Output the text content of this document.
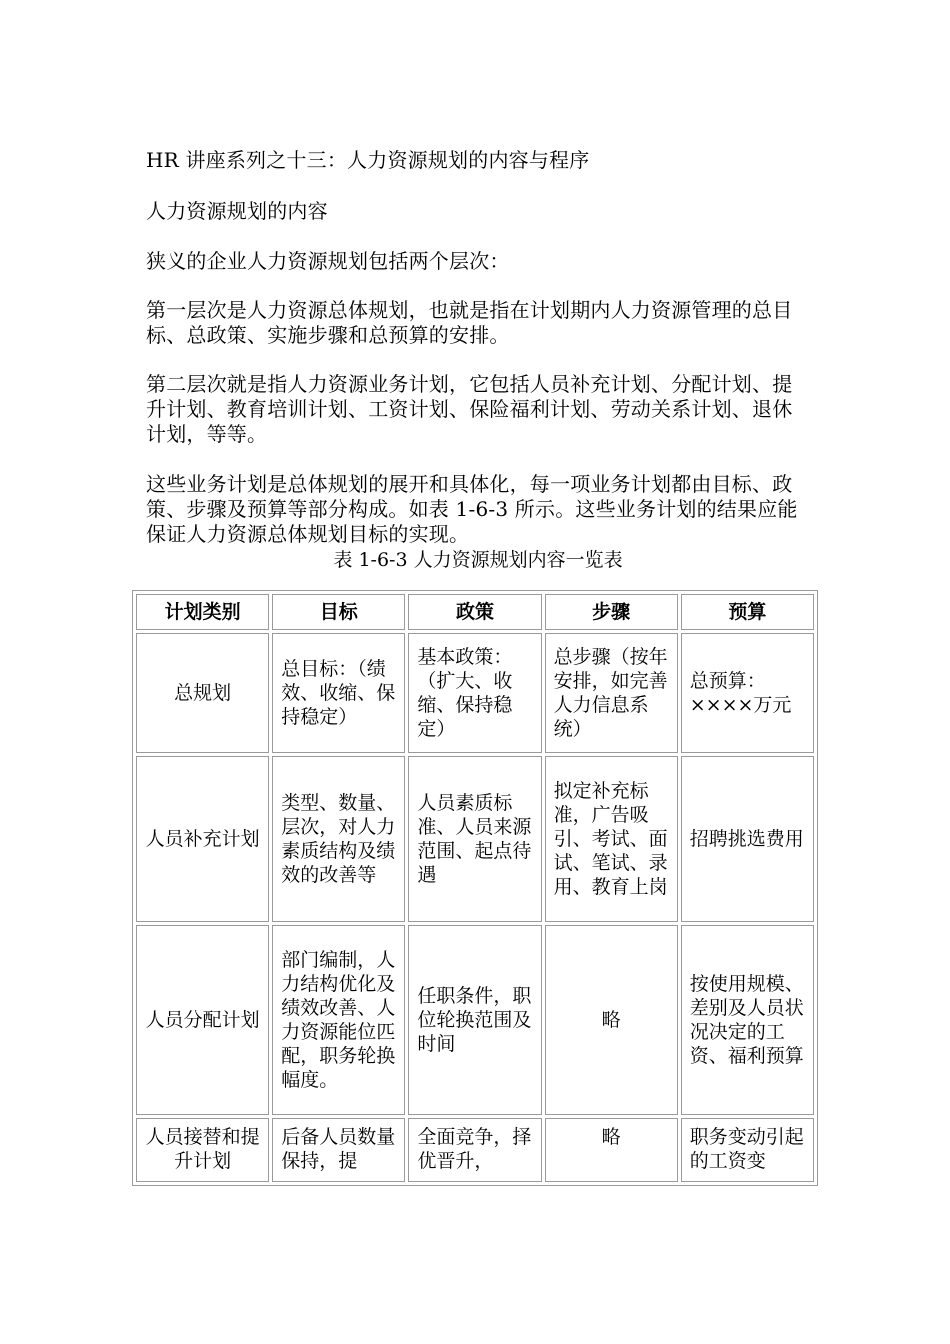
HR 讲座系列之十三：人力资源规划的内容与程序

人力资源规划的内容

狭义的企业人力资源规划包括两个层次：

第一层次是人力资源总体规划，也就是指在计划期内人力资源管理的总目标、总政策、实施步骤和总预算的安排。

第二层次就是指人力资源业务计划，它包括人员补充计划、分配计划、提升计划、教育培训计划、工资计划、保险福利计划、劳动关系计划、退休计划，等等。

这些业务计划是总体规划的展开和具体化，每一项业务计划都由目标、政策、步骤及预算等部分构成。如表 1-6-3 所示。这些业务计划的结果应能保证人力资源总体规划目标的实现。

表 1-6-3 人力资源规划内容一览表

计划类别	目标	政策	步骤	预算
总规划	总目标：（绩效、收缩、保持稳定）	基本政策：（扩大、收缩、保持稳定）	总步骤（按年安排，如完善人力信息系统）	总预算：××××万元
人员补充计划	类型、数量、层次，对人力素质结构及绩效的改善等	人员素质标准、人员来源范围、起点待遇	拟定补充标准，广告吸引、考试、面试、笔试、录用、教育上岗	招聘挑选费用
人员分配计划	部门编制，人力结构优化及绩效改善、人力资源能位匹配，职务轮换幅度。	任职条件，职位轮换范围及时间	略	按使用规模、差别及人员状况决定的工资、福利预算
人员接替和提升计划	后备人员数量保持，提	全面竞争，择优晋升，	略	职务变动引起的工资变
